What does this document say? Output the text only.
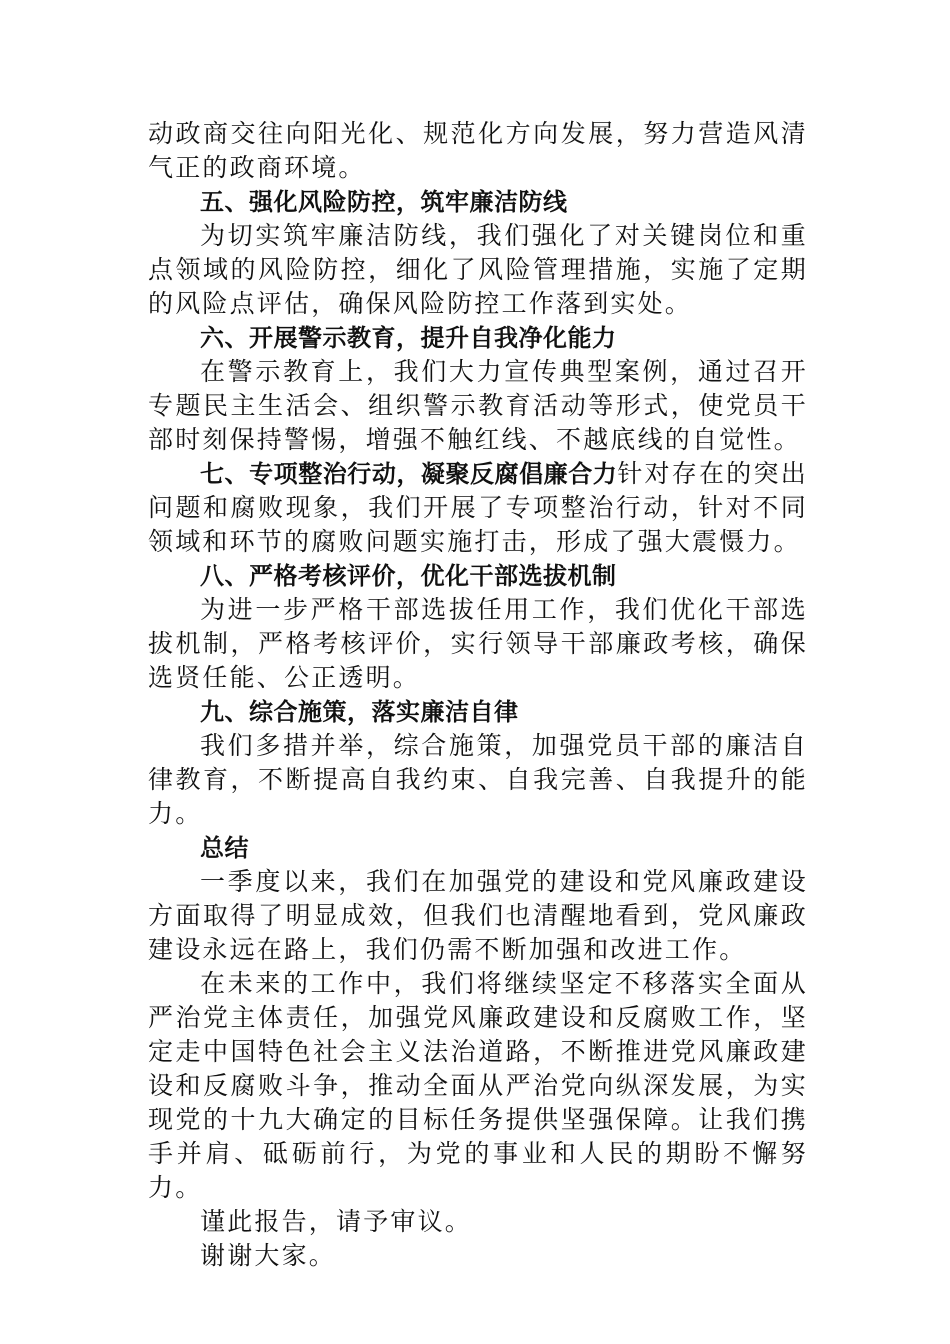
动政商交往向阳光化、规范化方向发展，努力营造风清气正的政商环境。

五、强化风险防控，筑牢廉洁防线

为切实筑牢廉洁防线，我们强化了对关键岗位和重点领域的风险防控，细化了风险管理措施，实施了定期的风险点评估，确保风险防控工作落到实处。

六、开展警示教育，提升自我净化能力

在警示教育上，我们大力宣传典型案例，通过召开专题民主生活会、组织警示教育活动等形式，使党员干部时刻保持警惕，增强不触红线、不越底线的自觉性。

七、专项整治行动，凝聚反腐倡廉合力针对存在的突出问题和腐败现象，我们开展了专项整治行动，针对不同领域和环节的腐败问题实施打击，形成了强大震慑力。

八、严格考核评价，优化干部选拔机制

为进一步严格干部选拔任用工作，我们优化干部选拔机制，严格考核评价，实行领导干部廉政考核，确保选贤任能、公正透明。

九、综合施策，落实廉洁自律

我们多措并举，综合施策，加强党员干部的廉洁自律教育，不断提高自我约束、自我完善、自我提升的能力。

总结

一季度以来，我们在加强党的建设和党风廉政建设方面取得了明显成效，但我们也清醒地看到，党风廉政建设永远在路上，我们仍需不断加强和改进工作。

在未来的工作中，我们将继续坚定不移落实全面从严治党主体责任，加强党风廉政建设和反腐败工作，坚定走中国特色社会主义法治道路，不断推进党风廉政建设和反腐败斗争，推动全面从严治党向纵深发展，为实现党的十九大确定的目标任务提供坚强保障。让我们携手并肩、砥砺前行，为党的事业和人民的期盼不懈努力。

谨此报告，请予审议。

谢谢大家。
